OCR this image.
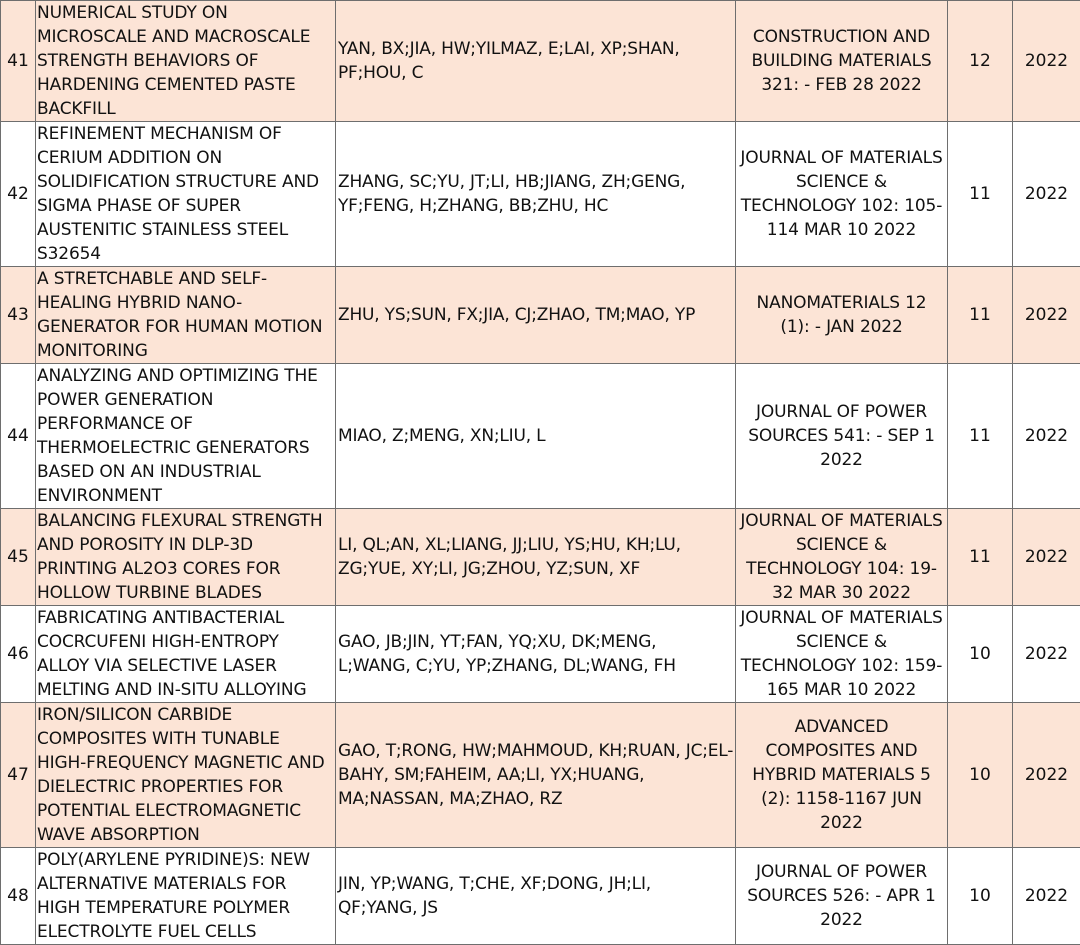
41	NUMERICAL STUDY ON MICROSCALE AND MACROSCALE STRENGTH BEHAVIORS OF HARDENING CEMENTED PASTE BACKFILL	YAN, BX;JIA, HW;YILMAZ, E;LAI, XP;SHAN, PF;HOU, C	CONSTRUCTION AND BUILDING MATERIALS 321: - FEB 28 2022	12	2022
42	REFINEMENT MECHANISM OF CERIUM ADDITION ON SOLIDIFICATION STRUCTURE AND SIGMA PHASE OF SUPER AUSTENITIC STAINLESS STEEL S32654	ZHANG, SC;YU, JT;LI, HB;JIANG, ZH;GENG, YF;FENG, H;ZHANG, BB;ZHU, HC	JOURNAL OF MATERIALS SCIENCE & TECHNOLOGY 102: 105-114 MAR 10 2022	11	2022
43	A STRETCHABLE AND SELF-HEALING HYBRID NANO-GENERATOR FOR HUMAN MOTION MONITORING	ZHU, YS;SUN, FX;JIA, CJ;ZHAO, TM;MAO, YP	NANOMATERIALS 12 (1): - JAN 2022	11	2022
44	ANALYZING AND OPTIMIZING THE POWER GENERATION PERFORMANCE OF THERMOELECTRIC GENERATORS BASED ON AN INDUSTRIAL ENVIRONMENT	MIAO, Z;MENG, XN;LIU, L	JOURNAL OF POWER SOURCES 541: - SEP 1 2022	11	2022
45	BALANCING FLEXURAL STRENGTH AND POROSITY IN DLP-3D PRINTING AL2O3 CORES FOR HOLLOW TURBINE BLADES	LI, QL;AN, XL;LIANG, JJ;LIU, YS;HU, KH;LU, ZG;YUE, XY;LI, JG;ZHOU, YZ;SUN, XF	JOURNAL OF MATERIALS SCIENCE & TECHNOLOGY 104: 19-32 MAR 30 2022	11	2022
46	FABRICATING ANTIBACTERIAL COCRCUFENI HIGH-ENTROPY ALLOY VIA SELECTIVE LASER MELTING AND IN-SITU ALLOYING	GAO, JB;JIN, YT;FAN, YQ;XU, DK;MENG, L;WANG, C;YU, YP;ZHANG, DL;WANG, FH	JOURNAL OF MATERIALS SCIENCE & TECHNOLOGY 102: 159-165 MAR 10 2022	10	2022
47	IRON/SILICON CARBIDE COMPOSITES WITH TUNABLE HIGH-FREQUENCY MAGNETIC AND DIELECTRIC PROPERTIES FOR POTENTIAL ELECTROMAGNETIC WAVE ABSORPTION	GAO, T;RONG, HW;MAHMOUD, KH;RUAN, JC;EL-BAHY, SM;FAHEIM, AA;LI, YX;HUANG, MA;NASSAN, MA;ZHAO, RZ	ADVANCED COMPOSITES AND HYBRID MATERIALS 5 (2): 1158-1167 JUN 2022	10	2022
48	POLY(ARYLENE PYRIDINE)S: NEW ALTERNATIVE MATERIALS FOR HIGH TEMPERATURE POLYMER ELECTROLYTE FUEL CELLS	JIN, YP;WANG, T;CHE, XF;DONG, JH;LI, QF;YANG, JS	JOURNAL OF POWER SOURCES 526: - APR 1 2022	10	2022
